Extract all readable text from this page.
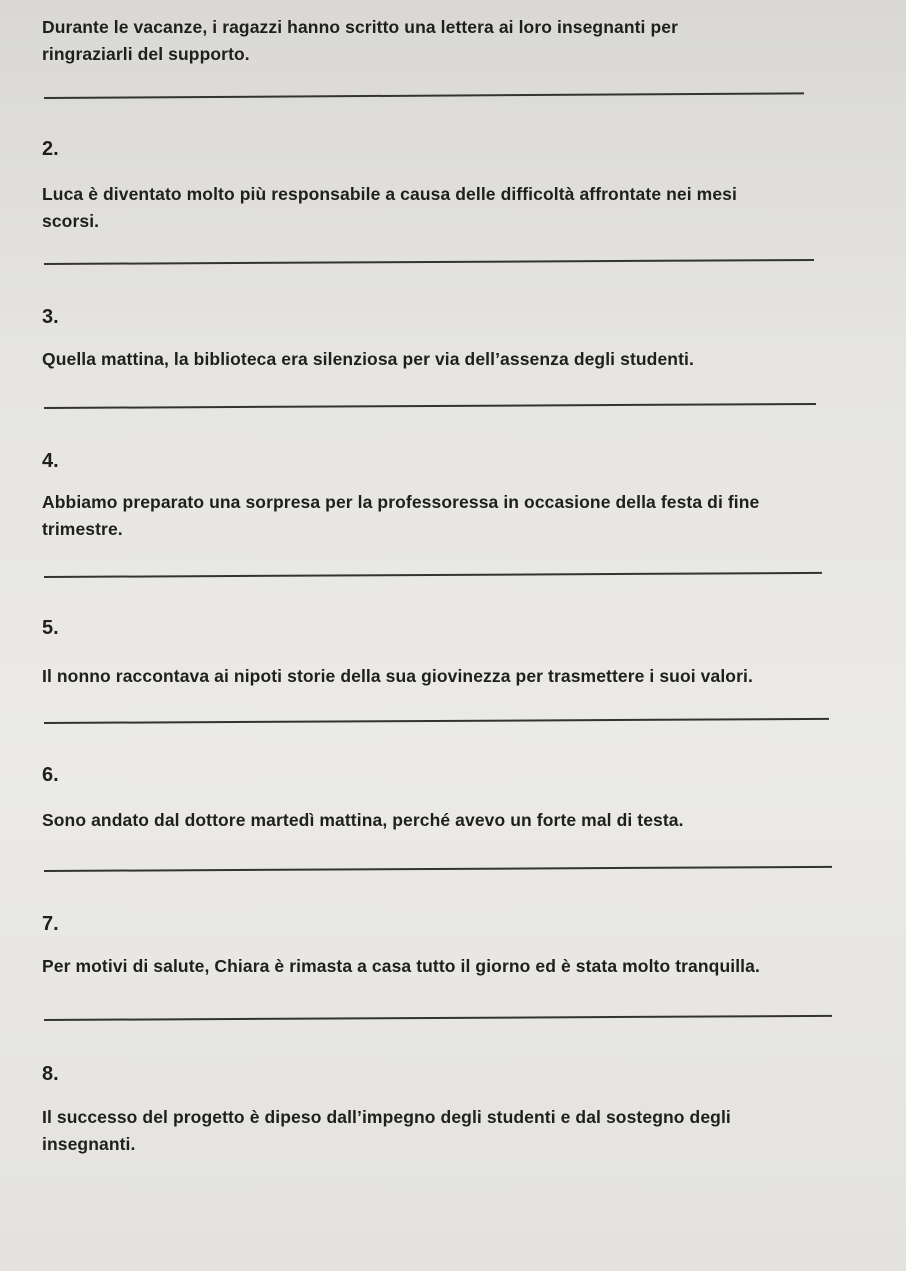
Durante le vacanze, i ragazzi hanno scritto una lettera ai loro insegnanti per
ringraziarli del supporto.

2.

Luca è diventato molto più responsabile a causa delle difficoltà affrontate nei mesi
scorsi.

3.

Quella mattina, la biblioteca era silenziosa per via dell’assenza degli studenti.

4.

Abbiamo preparato una sorpresa per la professoressa in occasione della festa di fine
trimestre.

5.

Il nonno raccontava ai nipoti storie della sua giovinezza per trasmettere i suoi valori.

6.

Sono andato dal dottore martedì mattina, perché avevo un forte mal di testa.

7.

Per motivi di salute, Chiara è rimasta a casa tutto il giorno ed è stata molto tranquilla.

8.

Il successo del progetto è dipeso dall’impegno degli studenti e dal sostegno degli
insegnanti.
